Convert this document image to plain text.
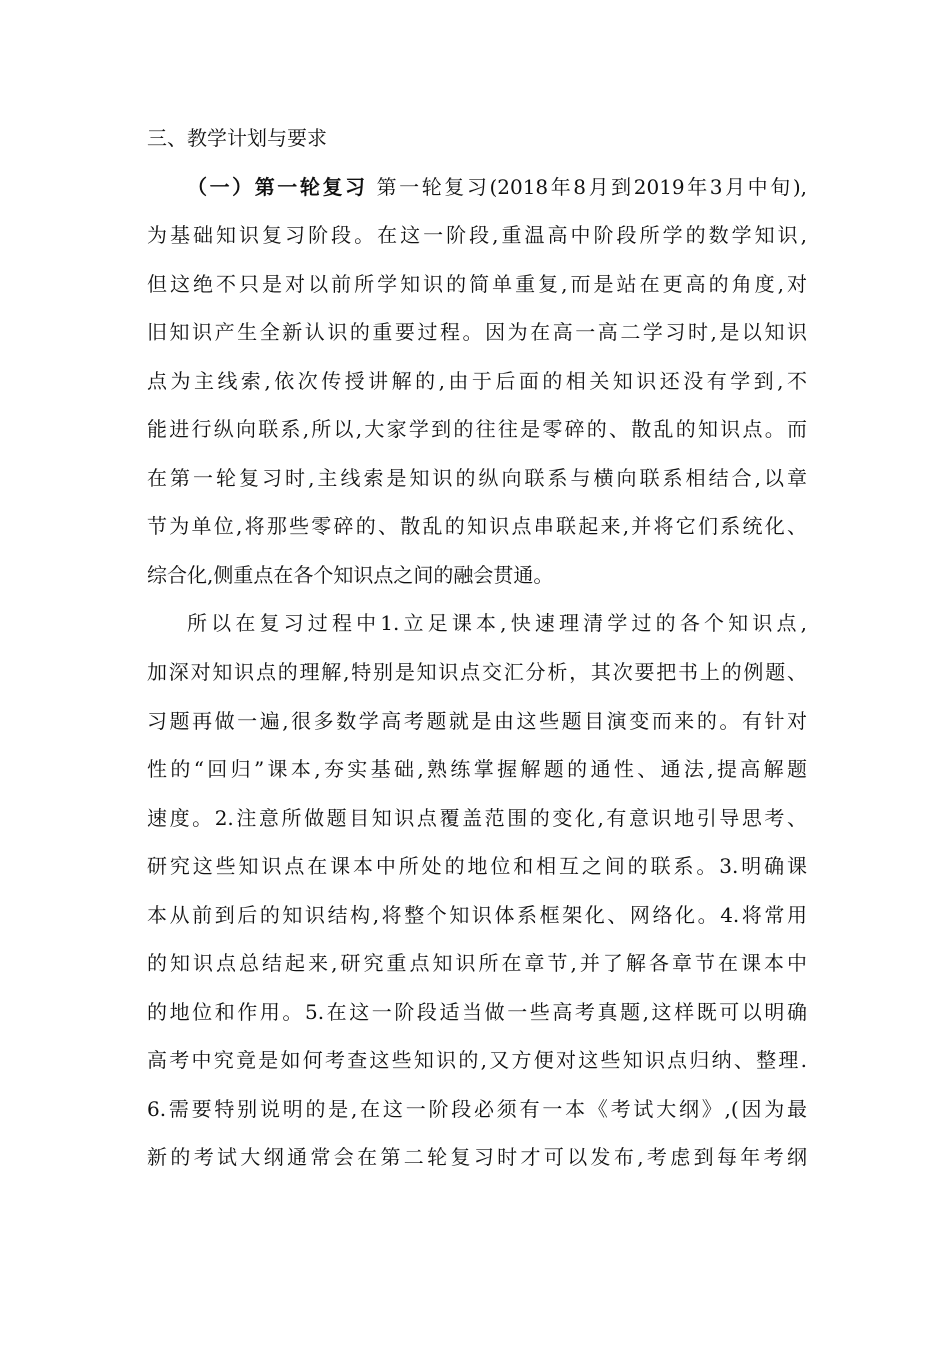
三、教学计划与要求
（一）第一轮复习 第一轮复习(2018年8月到2019年3月中旬),
为基础知识复习阶段。在这一阶段,重温高中阶段所学的数学知识,
但这绝不只是对以前所学知识的简单重复,而是站在更高的角度,对
旧知识产生全新认识的重要过程。因为在高一高二学习时,是以知识
点为主线索,依次传授讲解的,由于后面的相关知识还没有学到,不
能进行纵向联系,所以,大家学到的往往是零碎的、散乱的知识点。而
在第一轮复习时,主线索是知识的纵向联系与横向联系相结合,以章
节为单位,将那些零碎的、散乱的知识点串联起来,并将它们系统化、
综合化,侧重点在各个知识点之间的融会贯通。
所以在复习过程中1.立足课本,快速理清学过的各个知识点,
加深对知识点的理解,特别是知识点交汇分析，其次要把书上的例题、
习题再做一遍,很多数学高考题就是由这些题目演变而来的。有针对
性的“回归”课本,夯实基础,熟练掌握解题的通性、通法,提高解题
速度。2.注意所做题目知识点覆盖范围的变化,有意识地引导思考、
研究这些知识点在课本中所处的地位和相互之间的联系。3.明确课
本从前到后的知识结构,将整个知识体系框架化、网络化。4.将常用
的知识点总结起来,研究重点知识所在章节,并了解各章节在课本中
的地位和作用。5.在这一阶段适当做一些高考真题,这样既可以明确
高考中究竟是如何考查这些知识的,又方便对这些知识点归纳、整理.
6.需要特别说明的是,在这一阶段必须有一本《考试大纲》,(因为最
新的考试大纲通常会在第二轮复习时才可以发布,考虑到每年考纲
